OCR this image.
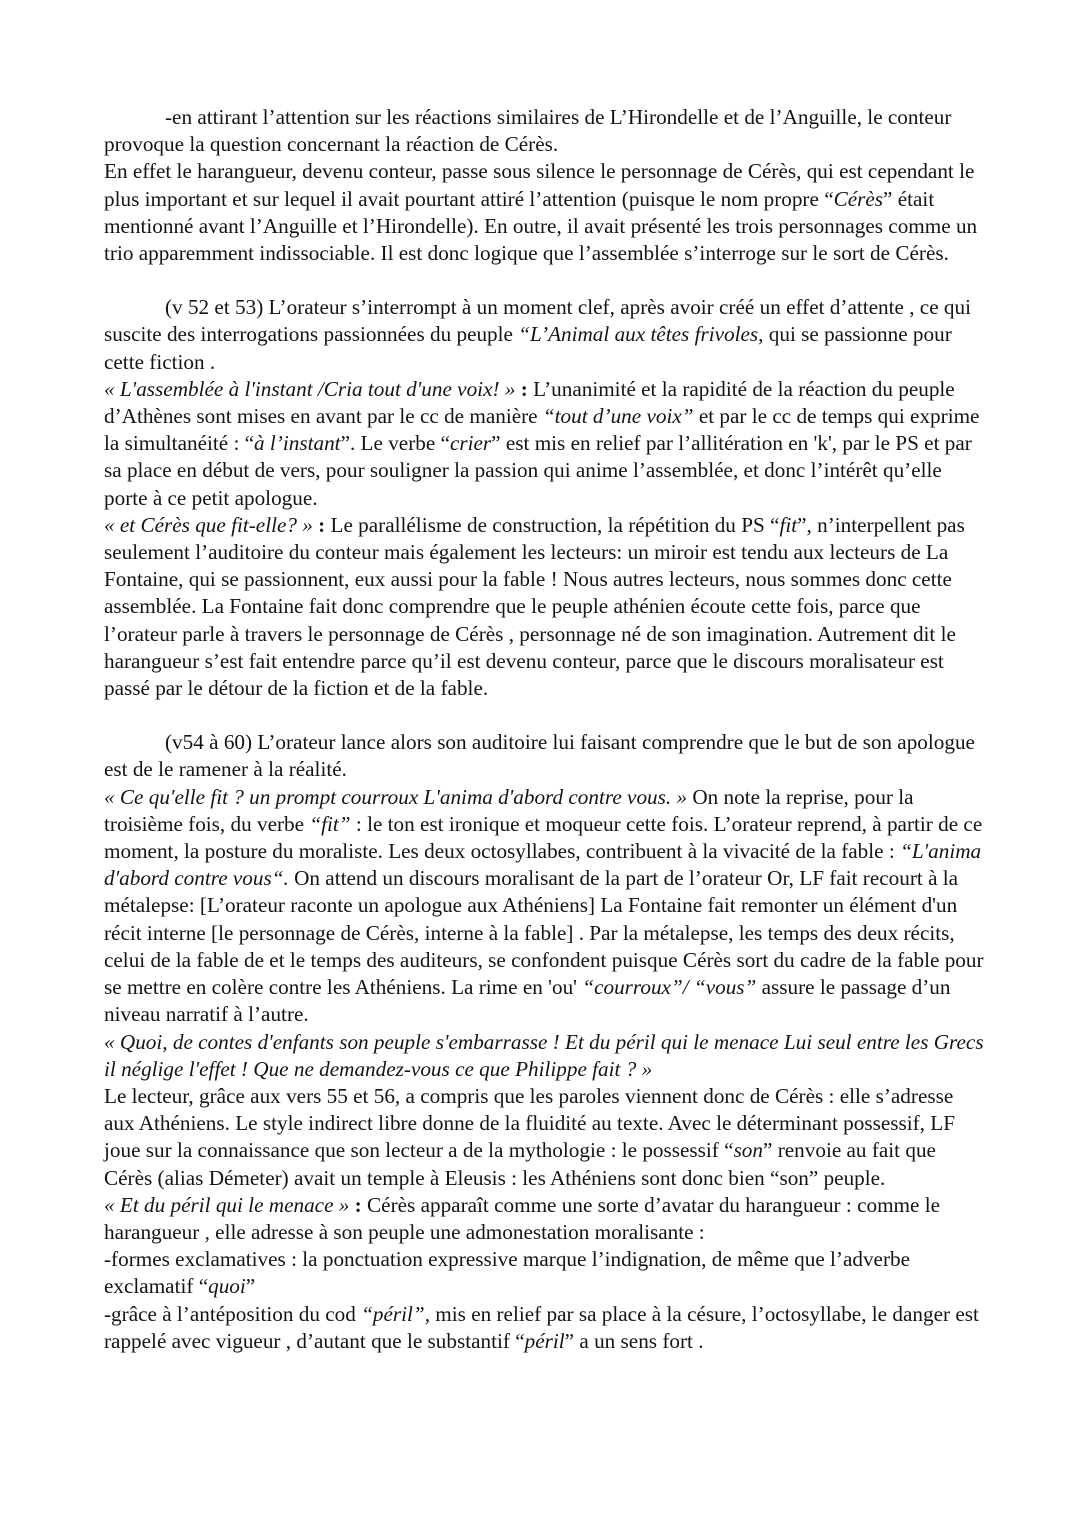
-en attirant l’attention sur les réactions similaires de L’Hirondelle et de l’Anguille, le conteur provoque la question concernant la réaction de Cérès.
En effet le harangueur, devenu conteur, passe sous silence le personnage de Cérès, qui est cependant le plus important et sur lequel il avait pourtant attiré l’attention (puisque le nom propre “Cérès” était mentionné avant l’Anguille et l’Hirondelle). En outre, il avait présenté les trois personnages comme un trio apparemment indissociable. Il est donc logique que l’assemblée s’interroge sur le sort de Cérès.
(v 52 et 53) L’orateur s’interrompt à un moment clef, après avoir créé un effet d’attente , ce qui suscite des interrogations passionnées du peuple “L’Animal aux têtes frivoles, qui se passionne pour cette fiction .
« L'assemblée à l'instant /Cria tout d'une voix! » : L’unanimité et la rapidité de la réaction du peuple d’Athènes sont mises en avant par le cc de manière “tout d’une voix” et par le cc de temps qui exprime la simultanéité : “à l’instant”. Le verbe “crier” est mis en relief par l’allitération en 'k', par le PS et par sa place en début de vers, pour souligner la passion qui anime l’assemblée, et donc l’intérêt qu’elle porte à ce petit apologue.
« et Cérès que fit-elle? » : Le parallélisme de construction, la répétition du PS “fit”, n’interpellent pas seulement l’auditoire du conteur mais également les lecteurs: un miroir est tendu aux lecteurs de La Fontaine, qui se passionnent, eux aussi pour la fable ! Nous autres lecteurs, nous sommes donc cette assemblée. La Fontaine fait donc comprendre que le peuple athénien écoute cette fois, parce que l’orateur parle à travers le personnage de Cérès , personnage né de son imagination. Autrement dit le harangueur s’est fait entendre parce qu’il est devenu conteur, parce que le discours moralisateur est passé par le détour de la fiction et de la fable.
(v54 à 60) L’orateur lance alors son auditoire lui faisant comprendre que le but de son apologue est de le ramener à la réalité.
« Ce qu'elle fit ? un prompt courroux L'anima d'abord contre vous. » On note la reprise, pour la troisième fois, du verbe “fit” : le ton est ironique et moqueur cette fois. L’orateur reprend, à partir de ce moment, la posture du moraliste. Les deux octosyllabes, contribuent à la vivacité de la fable : “L'anima d'abord contre vous“. On attend un discours moralisant de la part de l’orateur Or, LF fait recourt à la métalepse: [L’orateur raconte un apologue aux Athéniens] La Fontaine fait remonter un élément d'un récit interne [le personnage de Cérès, interne à la fable] . Par la métalepse, les temps des deux récits, celui de la fable de et le temps des auditeurs, se confondent puisque Cérès sort du cadre de la fable pour se mettre en colère contre les Athéniens. La rime en 'ou' “courroux”/ “vous” assure le passage d’un niveau narratif à l’autre.
« Quoi, de contes d'enfants son peuple s'embarrasse ! Et du péril qui le menace Lui seul entre les Grecs il néglige l'effet ! Que ne demandez-vous ce que Philippe fait ? »
Le lecteur, grâce aux vers 55 et 56, a compris que les paroles viennent donc de Cérès : elle s’adresse aux Athéniens. Le style indirect libre donne de la fluidité au texte. Avec le déterminant possessif, LF joue sur la connaissance que son lecteur a de la mythologie : le possessif “son” renvoie au fait que Cérès (alias Démeter) avait un temple à Eleusis : les Athéniens sont donc bien “son” peuple.
« Et du péril qui le menace » : Cérès apparaît comme une sorte d’avatar du harangueur : comme le harangueur , elle adresse à son peuple une admonestation moralisante :
-formes exclamatives : la ponctuation expressive marque l’indignation, de même que l’adverbe exclamatif “quoi”
-grâce à l’antéposition du cod “péril”, mis en relief par sa place à la césure, l’octosyllabe, le danger est rappelé avec vigueur , d’autant que le substantif “péril” a un sens fort .
